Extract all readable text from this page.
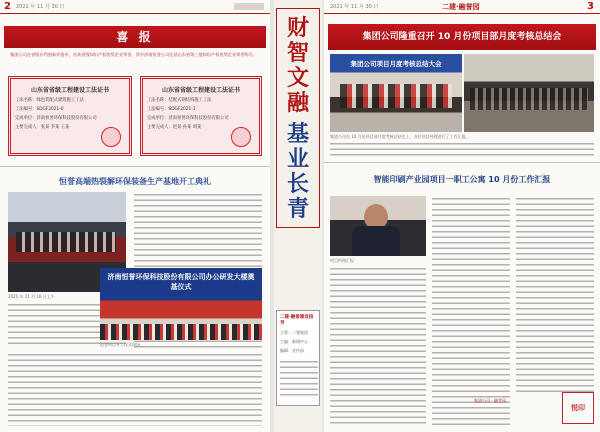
2 2021 年 11 月 30 日
喜 报
集团公司在省级专利创新评选中，首获省级知识产权优势企业荣誉，其中济南恒誉公司还获山东省第三批知识产权优势企业荣誉称号。
山东省省级工程建设工法证书
工法名称：绿色装配式建筑施工工法
工法编号：SDGF2021-0
完成单位：济南恒誉环保科技股份有限公司
主要完成人：张某 李某 王某
山东省省级工程建设工法证书
工法名称：装配式钢结构施工工法
工法编号：SDGF2021-1
完成单位：济南恒誉环保科技股份有限公司
主要完成人：赵某 孙某 周某
恒誉高端热裂解环保装备生产基地开工典礼
2021 年 11 月 16 日上午
济南恒誉环保科技股份有限公司办公研发大楼奠基仪式
恒誉项目开工仪式现场
财
智
文
融
基
业
长
青
二建·融誉建设指导
主管：二建集团
主编：新闻中心
编辑：宣传部
2021 年 11 月 30 日	二建·融誉园	3
集团公司隆重召开 10 月份项目部月度考核总结会
集团公司项目月度考核总结大会
集团公司在 10 月份项目部月度考核总结会上，各位项目经理进行了工作汇报。
智能印刷产业园项目一职工公寓 10 月份工作汇报
项目经理汇报
悦印
集团公司 · 融誉园
